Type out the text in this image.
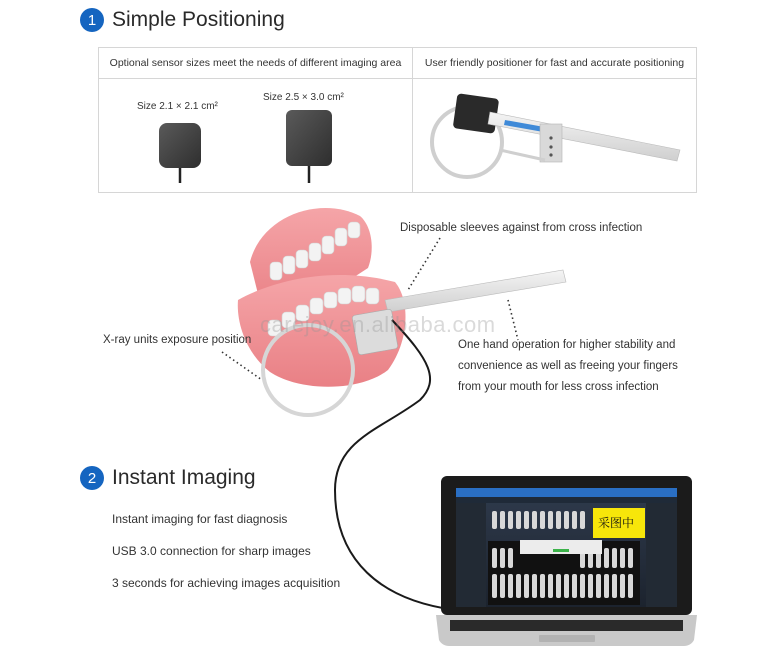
1 Simple Positioning
Optional sensor sizes meet the needs of different imaging area	User friendly positioner for fast and accurate positioning
Size 2.1 × 2.1 cm²
Size 2.5 × 3.0 cm²
采图中
carejoy.en.alibaba.com
Disposable sleeves against from cross infection
X-ray units exposure position	One hand operation for higher stability and
convenience as well as freeing your fingers
from your mouth for less cross infection
2 Instant Imaging
Instant imaging for fast diagnosis
USB 3.0 connection for sharp images
3 seconds for achieving images acquisition
